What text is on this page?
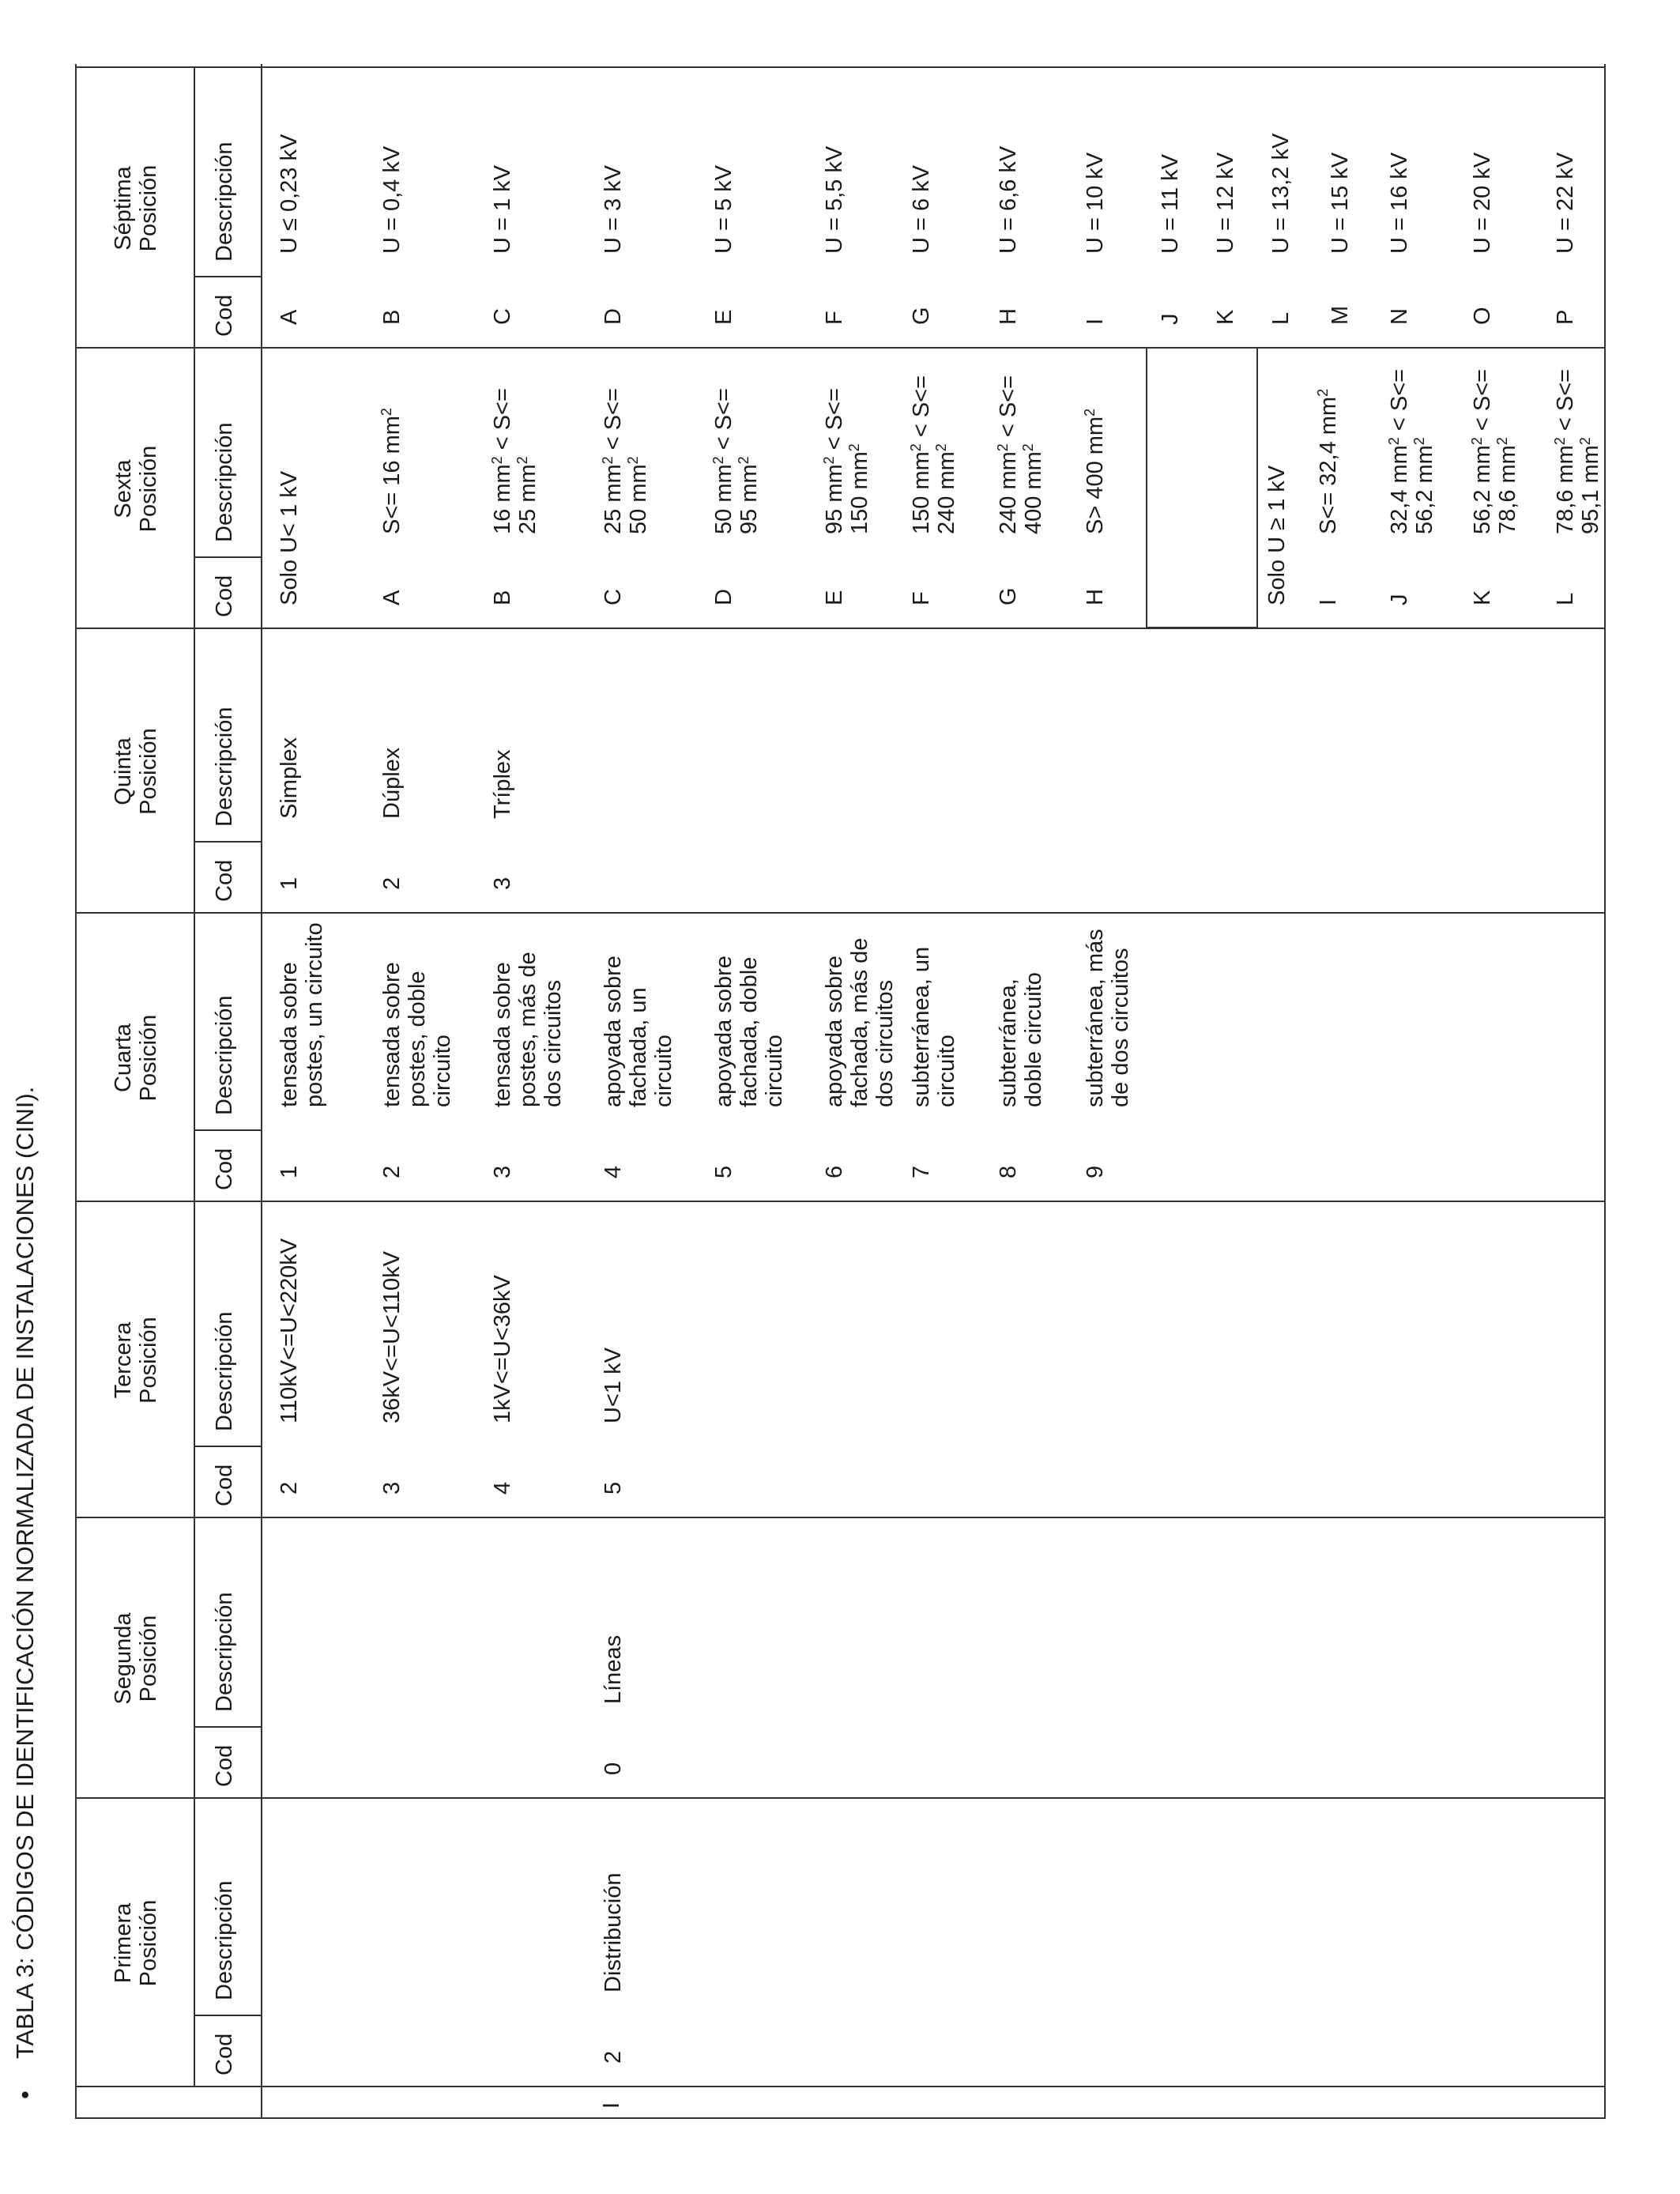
•TABLA 3: CÓDIGOS DE IDENTIFICACIÓN NORMALIZADA DE INSTALACIONES (CINI).
I
Primera
Posición
Cod
Descripción
2
Distribución
Segunda
Posición
Cod
Descripción
0
Líneas
Tercera
Posición
Cod
Descripción
2
110kV<=U<220kV
3
36kV<=U<110kV
4
1kV<=U<36kV
5
U<1 kV
Cuarta
Posición
Cod
Descripción
1
tensada sobre
postes, un circuito
2
tensada sobre
postes, doble
circuito
3
tensada sobre
postes, más de
dos circuitos
4
apoyada sobre
fachada, un
circuito
5
apoyada sobre
fachada, doble
circuito
6
apoyada sobre
fachada, más de
dos circuitos
7
subterránea, un
circuito
8
subterránea,
doble circuito
9
subterránea, más
de dos circuitos
Quinta
Posición
Cod
Descripción
1
Simplex
2
Dúplex
3
Tríplex
Sexta
Posición
Cod
Descripción Solo U< 1 kV	A
S<= 16 $mm^2$
B
16 $mm^2 < S<=$
25 $mm^2$
C
25 $mm^2 < S<=$
50 $mm^2$
D
50 $mm^2 < S<=$
95 $mm^2$
E
95 $mm^2 < S<=$
150 $mm^2$
F
150 $mm^2 < S<=$
240 $mm^2$
G
240 $mm^2 < S<=$
400 $mm^2$
H
S> 400 $mm^2$
I
S<= 32,4 $mm^2$
J
32,4 $mm^2 < S<=$
56,2 $mm^2$
K
56,2 $mm^2 < S<=$
78,6 $mm^2$
L
78,6 $mm^2 < S<=$
95,1 $mm^2$
Solo U ≥ 1 kV
Séptima
Posición
Cod
Descripción
A
U ≤ 0,23 kV
B
U = 0,4 kV
C
U = 1 kV
D
U = 3 kV
E
U = 5 kV
F
U = 5,5 kV
G
U = 6 kV
H
U = 6,6 kV
I
U = 10 kV
J
U = 11 kV
K
U = 12 kV
L
U = 13,2 kV
M
U = 15 kV
N
U = 16 kV
O
U = 20 kV
P
U = 22 kV
